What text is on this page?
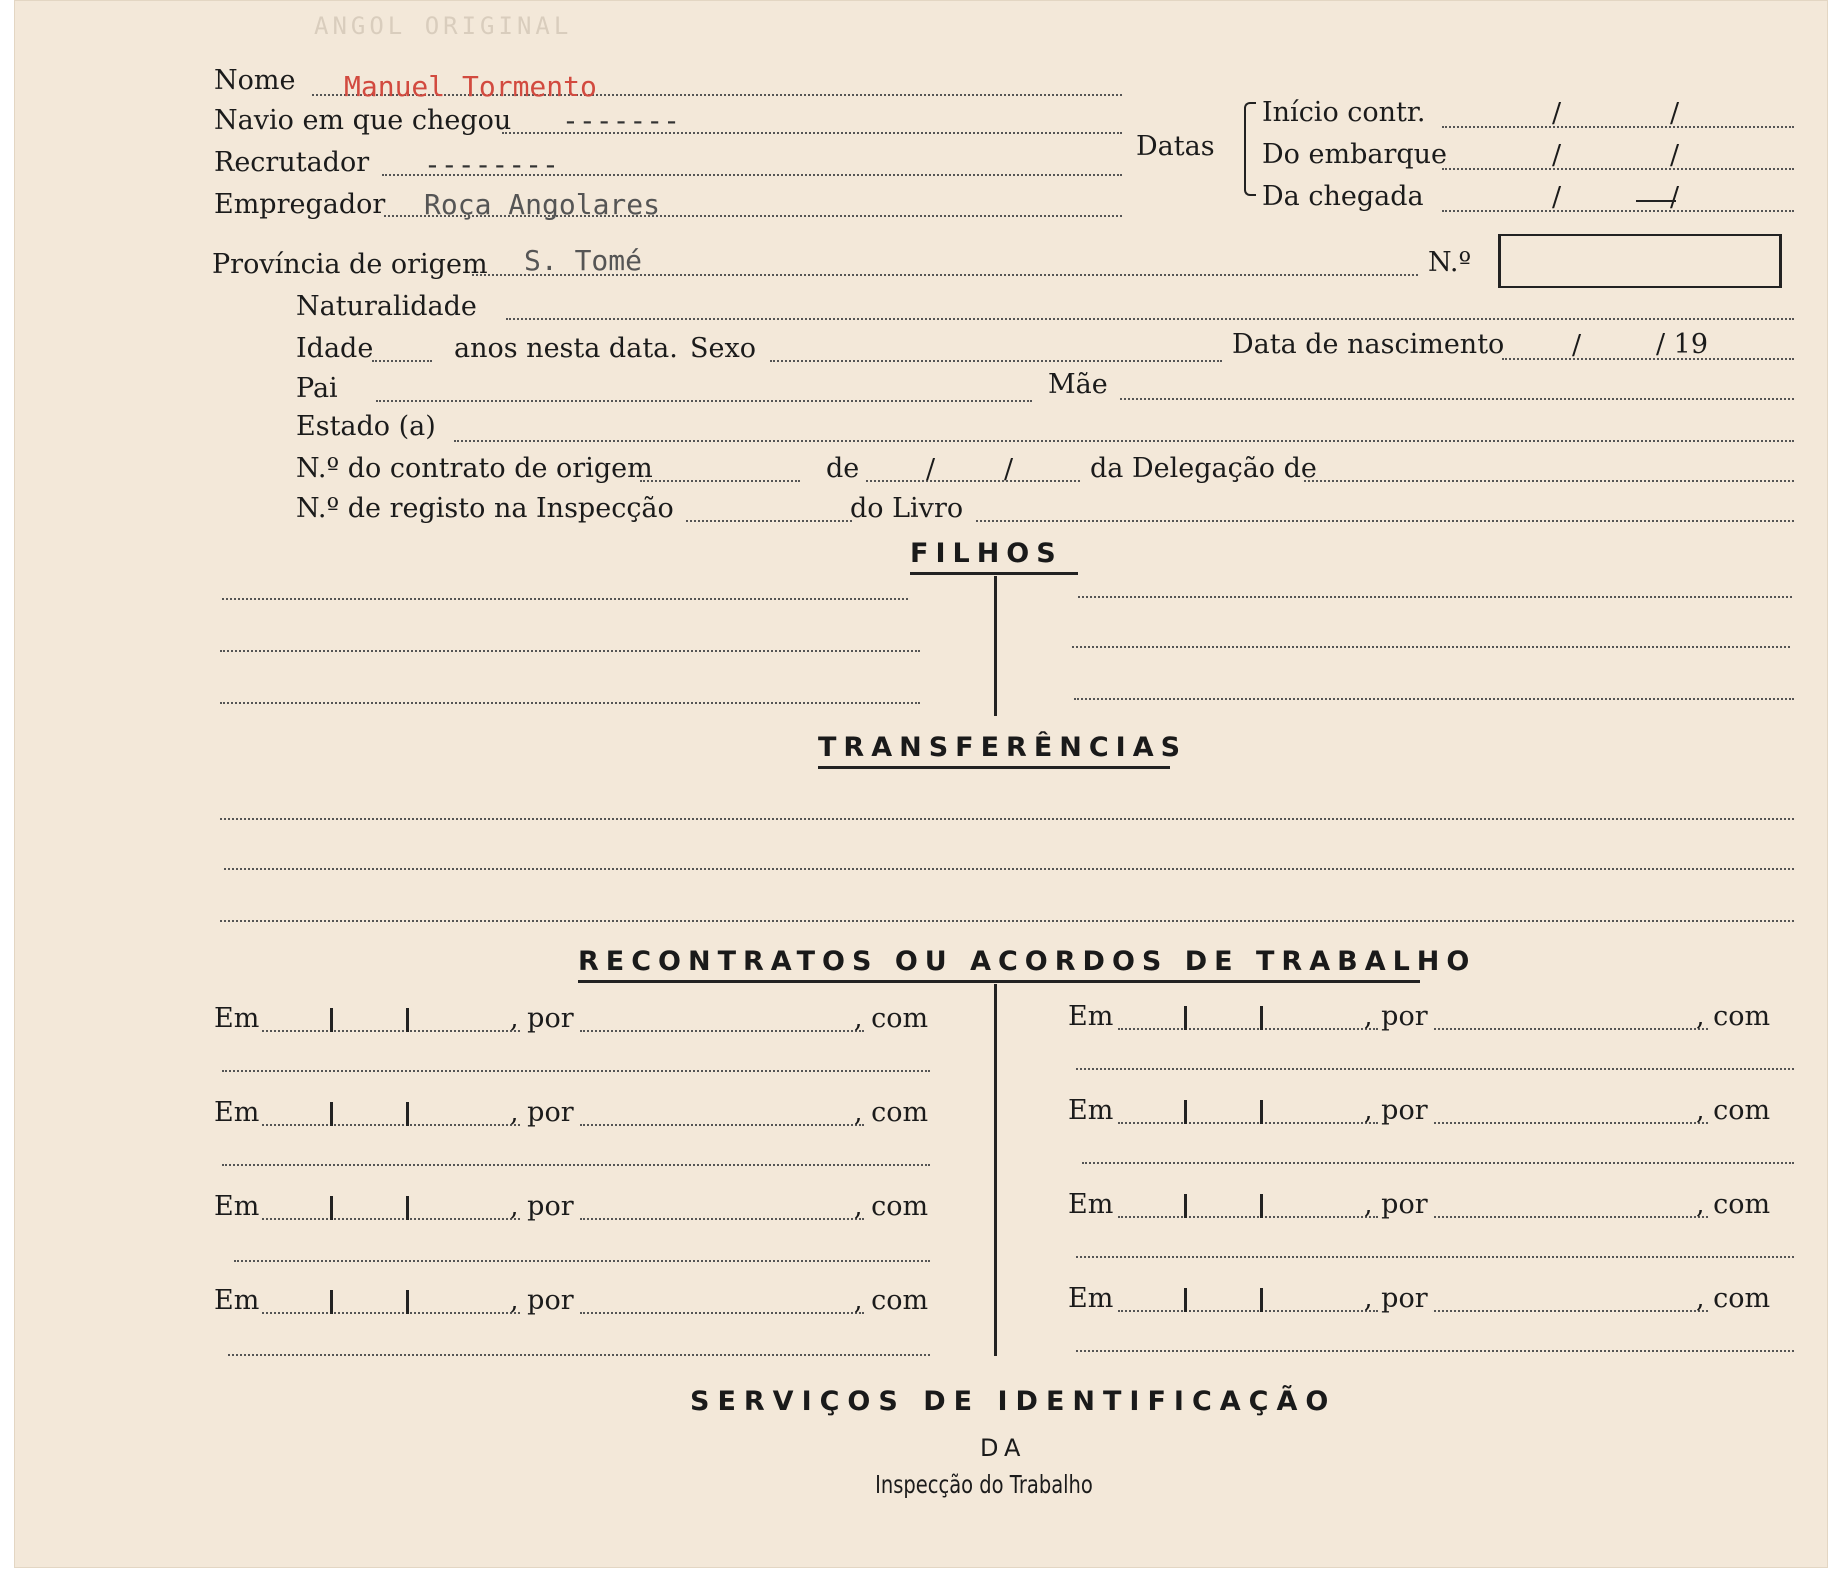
ANGOL ORIGINAL
Nome Manuel Tormento
Navio em que chegou -------
Recrutador --------
Empregador Roça Angolares
Datas
Início contr.	/	/
Do embarque	/	/
Da chegada	/	/
Província de origem S. Tomé	N.º
Naturalidade
Idade	anos nesta data. Sexo	Data de nascimento	/	/ 19
Pai	Mãe
Estado (a)
N.º do contrato de origem	de /	/	da Delegação de
N.º de registo na Inspecção	do Livro
FILHOS
TRANSFERÊNCIAS
RECONTRATOS OU ACORDOS DE TRABALHO
Em	, por	, com
Em	, por	, com
Em	, por	, com
Em	, por	, com
Em	, por	, com
Em	, por	, com
Em	, por	, com
Em	, por	, com
SERVIÇOS DE IDENTIFICAÇÃO
DA
Inspecção do Trabalho
